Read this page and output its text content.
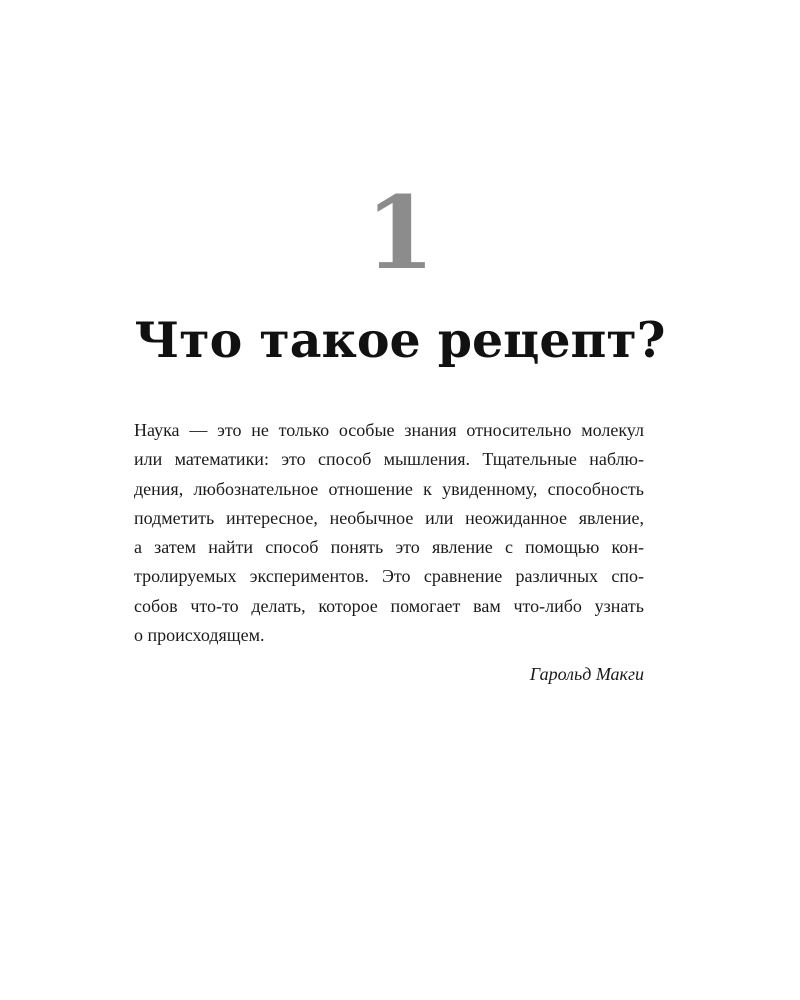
1
Что такое рецепт?

Наука — это не только особые знания относительно молекул
или математики: это способ мышления. Тщательные наблю-
дения, любознательное отношение к увиденному, способность
подметить интересное, необычное или неожиданное явление,
а затем найти способ понять это явление с помощью кон-
тролируемых экспериментов. Это сравнение различных спо-
собов что-то делать, которое помогает вам что-либо узнать
о происходящем.

Гарольд Макги
